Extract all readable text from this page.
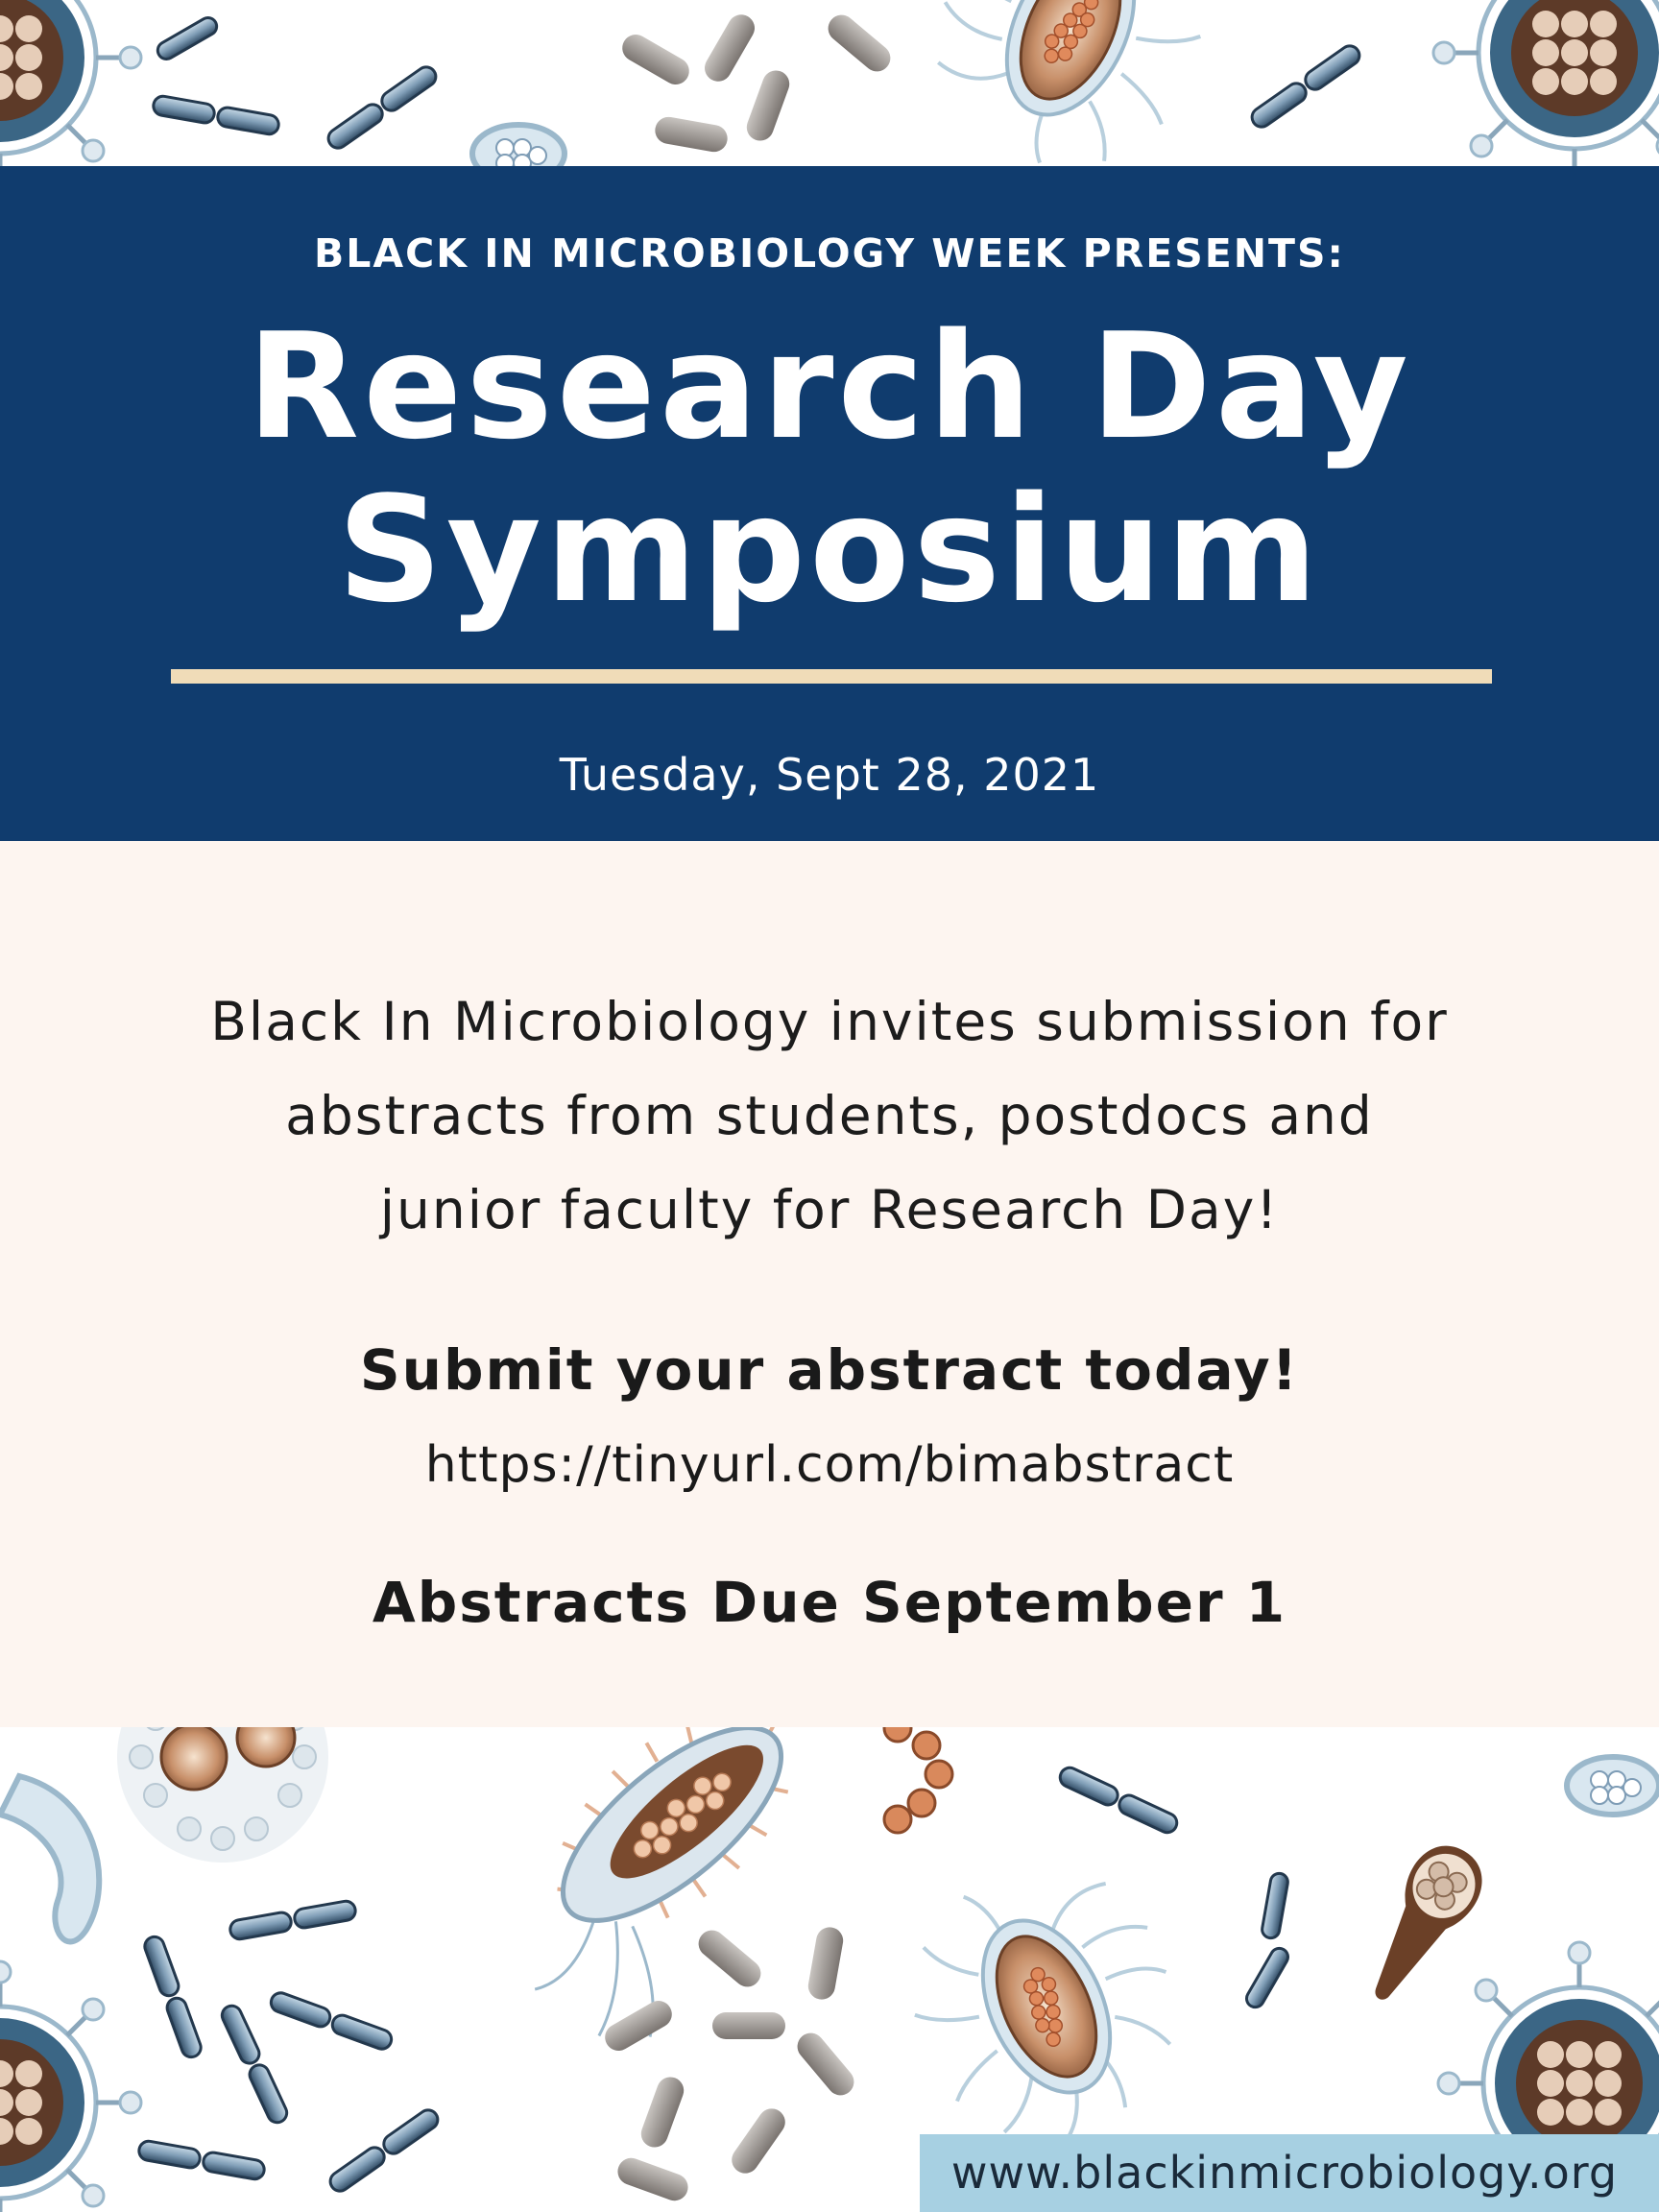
BLACK IN MICROBIOLOGY WEEK PRESENTS:
Research Day
Symposium
Tuesday, Sept 28, 2021
Black In Microbiology invites submission for
abstracts from students, postdocs and
junior faculty for Research Day!
Submit your abstract today!
https://tinyurl.com/bimabstract
Abstracts Due September 1
www.blackinmicrobiology.org
